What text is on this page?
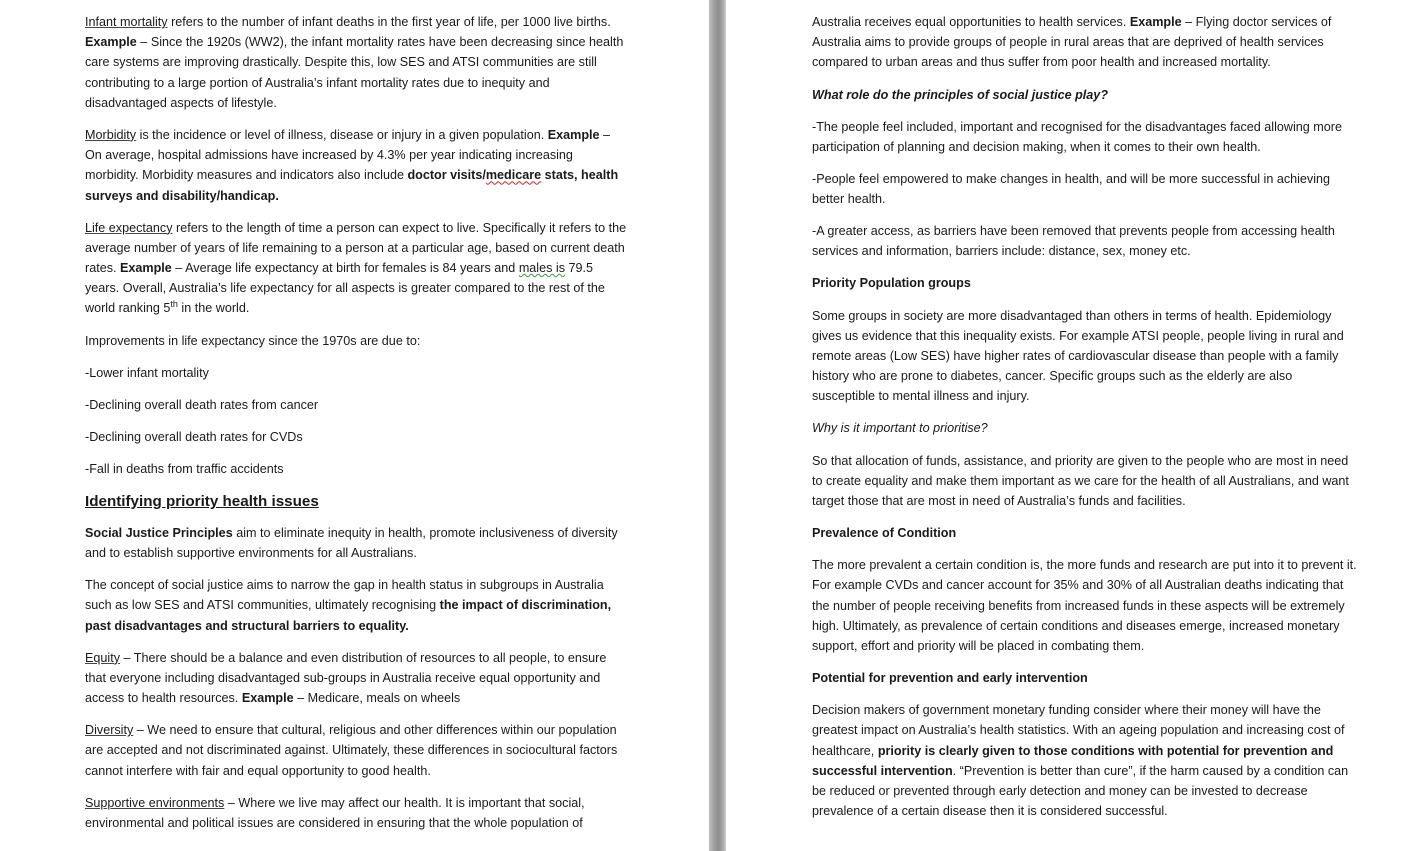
Infant mortality refers to the number of infant deaths in the first year of life, per 1000 live births. Example – Since the 1920s (WW2), the infant mortality rates have been decreasing since health care systems are improving drastically. Despite this, low SES and ATSI communities are still contributing to a large portion of Australia’s infant mortality rates due to inequity and disadvantaged aspects of lifestyle.

Morbidity is the incidence or level of illness, disease or injury in a given population. Example – On average, hospital admissions have increased by 4.3% per year indicating increasing morbidity. Morbidity measures and indicators also include doctor visits/medicare stats, health surveys and disability/handicap.

Life expectancy refers to the length of time a person can expect to live. Specifically it refers to the average number of years of life remaining to a person at a particular age, based on current death rates. Example – Average life expectancy at birth for females is 84 years and males is 79.5 years. Overall, Australia’s life expectancy for all aspects is greater compared to the rest of the world ranking 5th in the world.

Improvements in life expectancy since the 1970s are due to:

-Lower infant mortality

-Declining overall death rates from cancer

-Declining overall death rates for CVDs

-Fall in deaths from traffic accidents

Identifying priority health issues

Social Justice Principles aim to eliminate inequity in health, promote inclusiveness of diversity and to establish supportive environments for all Australians.

The concept of social justice aims to narrow the gap in health status in subgroups in Australia such as low SES and ATSI communities, ultimately recognising the impact of discrimination, past disadvantages and structural barriers to equality.

Equity – There should be a balance and even distribution of resources to all people, to ensure that everyone including disadvantaged sub-groups in Australia receive equal opportunity and access to health resources. Example – Medicare, meals on wheels

Diversity – We need to ensure that cultural, religious and other differences within our population are accepted and not discriminated against. Ultimately, these differences in sociocultural factors cannot interfere with fair and equal opportunity to good health.

Supportive environments – Where we live may affect our health. It is important that social, environmental and political issues are considered in ensuring that the whole population of

Australia receives equal opportunities to health services. Example – Flying doctor services of Australia aims to provide groups of people in rural areas that are deprived of health services compared to urban areas and thus suffer from poor health and increased mortality.

What role do the principles of social justice play?

-The people feel included, important and recognised for the disadvantages faced allowing more participation of planning and decision making, when it comes to their own health.

-People feel empowered to make changes in health, and will be more successful in achieving better health.

-A greater access, as barriers have been removed that prevents people from accessing health services and information, barriers include: distance, sex, money etc.

Priority Population groups

Some groups in society are more disadvantaged than others in terms of health. Epidemiology gives us evidence that this inequality exists. For example ATSI people, people living in rural and remote areas (Low SES) have higher rates of cardiovascular disease than people with a family history who are prone to diabetes, cancer. Specific groups such as the elderly are also susceptible to mental illness and injury.

Why is it important to prioritise?

So that allocation of funds, assistance, and priority are given to the people who are most in need to create equality and make them important as we care for the health of all Australians, and want target those that are most in need of Australia’s funds and facilities.

Prevalence of Condition

The more prevalent a certain condition is, the more funds and research are put into it to prevent it. For example CVDs and cancer account for 35% and 30% of all Australian deaths indicating that the number of people receiving benefits from increased funds in these aspects will be extremely high. Ultimately, as prevalence of certain conditions and diseases emerge, increased monetary support, effort and priority will be placed in combating them.

Potential for prevention and early intervention

Decision makers of government monetary funding consider where their money will have the greatest impact on Australia’s health statistics. With an ageing population and increasing cost of healthcare, priority is clearly given to those conditions with potential for prevention and successful intervention. “Prevention is better than cure”, if the harm caused by a condition can be reduced or prevented through early detection and money can be invested to decrease prevalence of a certain disease then it is considered successful.
